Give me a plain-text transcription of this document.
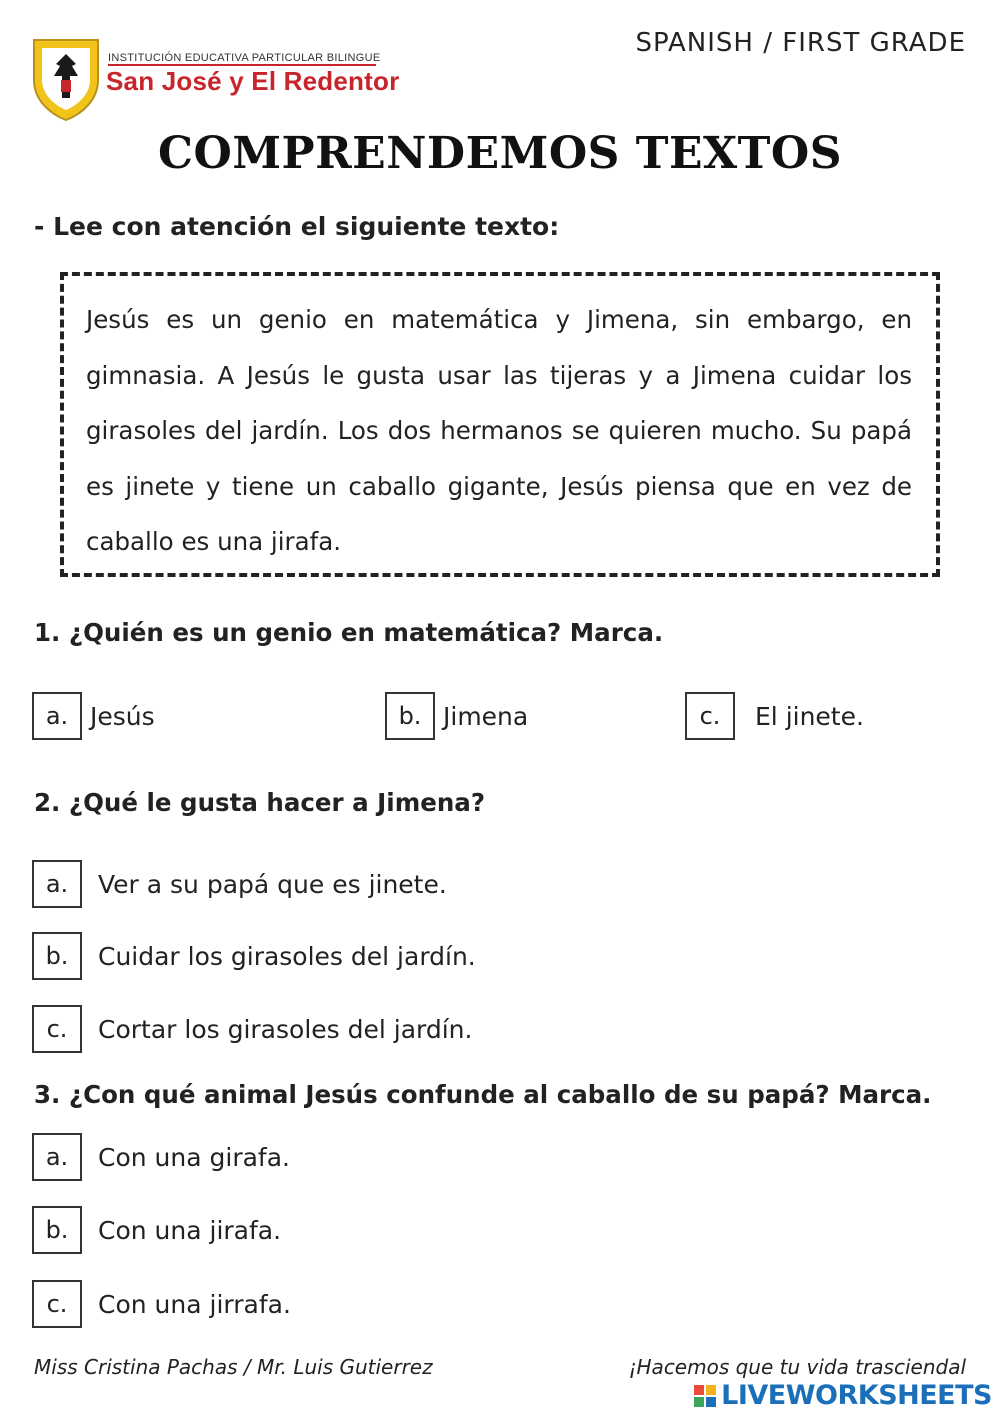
INSTITUCIÓN EDUCATIVA PARTICULAR BILINGUE
San José y El Redentor
SPANISH / FIRST GRADE
COMPRENDEMOS TEXTOS
- Lee con atención el siguiente texto:

Jesús es un genio en matemática y Jimena, sin embargo, en gimnasia. A Jesús le gusta usar las tijeras y a Jimena cuidar los girasoles del jardín. Los dos hermanos se quieren mucho. Su papá es jinete y tiene un caballo gigante, Jesús piensa que en vez de caballo es una jirafa.

1. ¿Quién es un genio en matemática? Marca.
a. Jesús	b. Jimena	c.	El jinete.
2. ¿Qué le gusta hacer a Jimena?
a.	Ver a su papá que es jinete.
b.	Cuidar los girasoles del jardín.
c.	Cortar los girasoles del jardín.
3. ¿Con qué animal Jesús confunde al caballo de su papá? Marca.
a.	Con una girafa.
b.	Con una jirafa.
c.	Con una jirrafa.
Miss Cristina Pachas / Mr. Luis Gutierrez	¡Hacemos que tu vida trasciendal
LIVEWORKSHEETS
